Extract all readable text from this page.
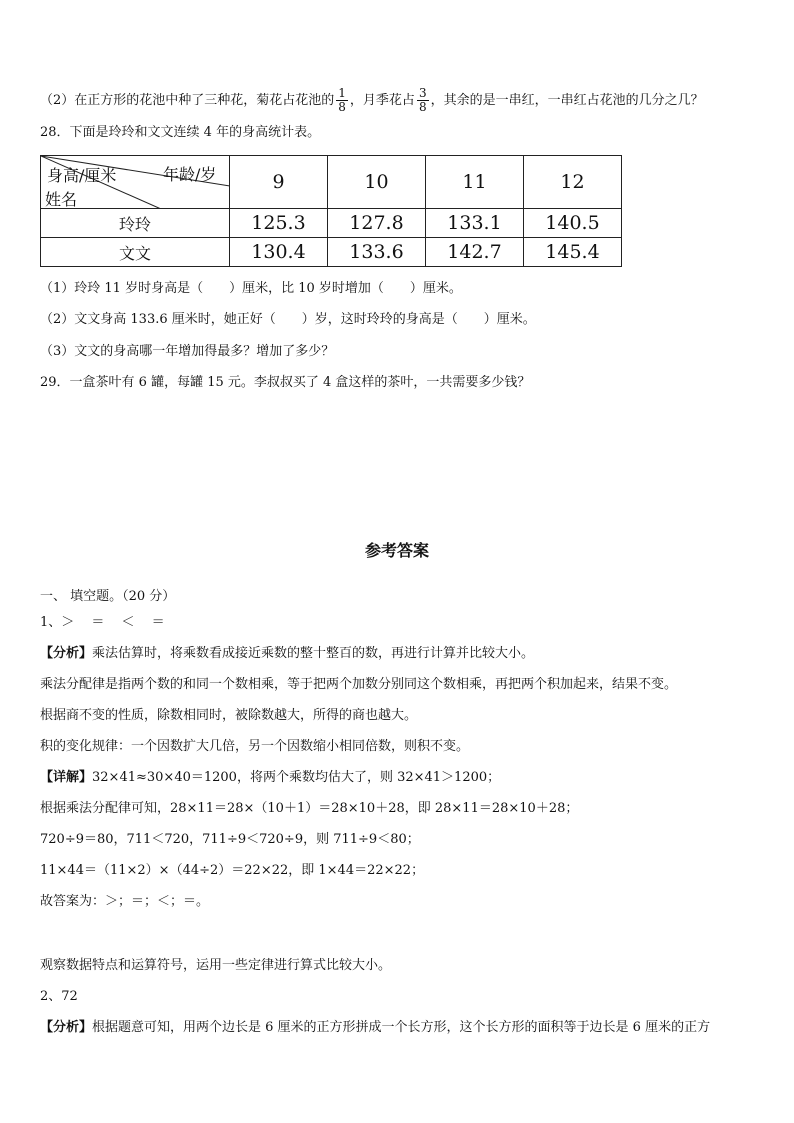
（2）在正方形的花池中种了三种花，菊花占花池的 $\frac{1}{8}$ ，月季花占 $\frac{3}{8}$ ，其余的是一串红，一串红占花池的几分之几？
28．下面是玲玲和文文连续 4 年的身高统计表。
身高/厘米 年龄/岁
姓名	9	10	11	12
玲玲	125.3	127.8	133.1	140.5
文文	130.4	133.6	142.7	145.4
（1）玲玲 11 岁时身高是（　　）厘米，比 10 岁时增加（　　）厘米。
（2）文文身高 133.6 厘米时，她正好（　　）岁，这时玲玲的身高是（　　）厘米。
（3）文文的身高哪一年增加得最多？增加了多少？
29．一盒茶叶有 6 罐，每罐 15 元。李叔叔买了 4 盒这样的茶叶，一共需要多少钱？
参考答案
一、 填空题。（20 分）
1、＞　 ＝　 ＜　 ＝
【分析】乘法估算时，将乘数看成接近乘数的整十整百的数，再进行计算并比较大小。
乘法分配律是指两个数的和同一个数相乘，等于把两个加数分别同这个数相乘，再把两个积加起来，结果不变。
根据商不变的性质，除数相同时，被除数越大，所得的商也越大。
积的变化规律：一个因数扩大几倍，另一个因数缩小相同倍数，则积不变。
【详解】32×41≈30×40＝1200，将两个乘数均估大了，则 32×41＞1200；
根据乘法分配律可知，28×11＝28×（10＋1）＝28×10＋28，即 28×11＝28×10＋28；
720÷9＝80，711＜720，711÷9＜720÷9，则 711÷9＜80；
11×44＝（11×2）×（44÷2）＝22×22，即 1×44＝22×22；
故答案为：＞；＝；＜；＝。
观察数据特点和运算符号，运用一些定律进行算式比较大小。
2、72
【分析】根据题意可知，用两个边长是 6 厘米的正方形拼成一个长方形，这个长方形的面积等于边长是 6 厘米的正方
